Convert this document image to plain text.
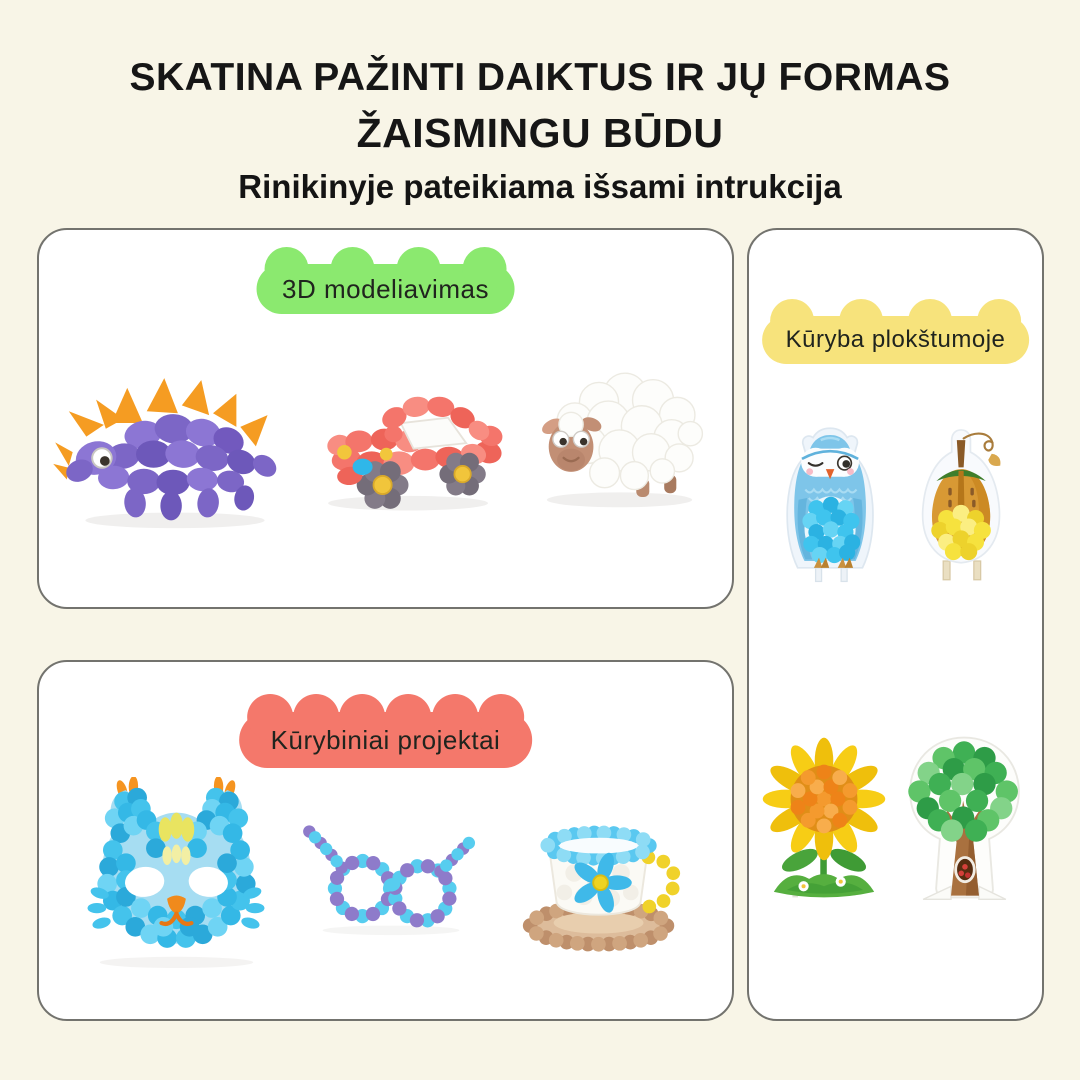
SKATINA PAŽINTI DAIKTUS IR JŲ FORMAS
ŽAISMINGU BŪDU
Rinikinyje pateikiama išsami intrukcija
3D modeliavimas
Kūryba plokštumoje
Kūrybiniai projektai
